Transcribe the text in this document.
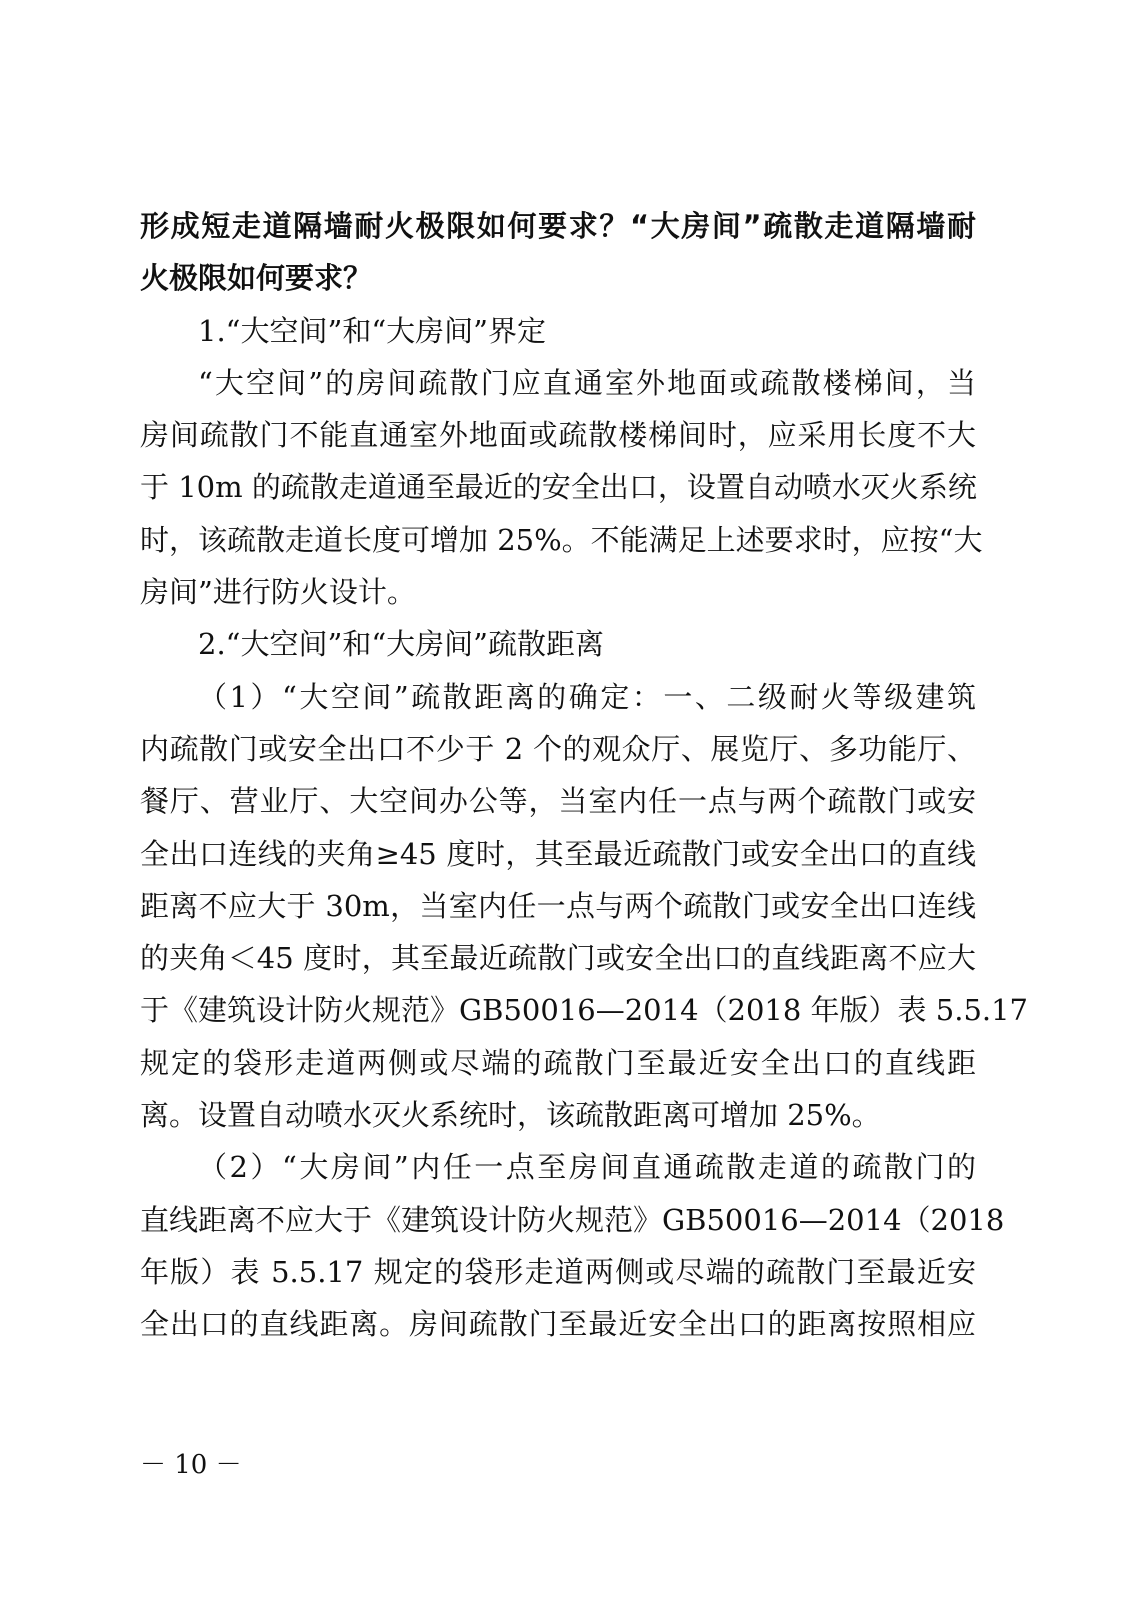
形成短走道隔墙耐火极限如何要求？“大房间”疏散走道隔墙耐
火极限如何要求？
1.“大空间”和“大房间”界定
“大空间”的房间疏散门应直通室外地面或疏散楼梯间，当
房间疏散门不能直通室外地面或疏散楼梯间时，应采用长度不大
于 10m 的疏散走道通至最近的安全出口，设置自动喷水灭火系统
时，该疏散走道长度可增加 25%。不能满足上述要求时，应按“大
房间”进行防火设计。
2.“大空间”和“大房间”疏散距离
（1）“大空间”疏散距离的确定：一、二级耐火等级建筑
内疏散门或安全出口不少于 2 个的观众厅、展览厅、多功能厅、
餐厅、营业厅、大空间办公等，当室内任一点与两个疏散门或安
全出口连线的夹角≥45 度时，其至最近疏散门或安全出口的直线
距离不应大于 30m，当室内任一点与两个疏散门或安全出口连线
的夹角＜45 度时，其至最近疏散门或安全出口的直线距离不应大
于《建筑设计防火规范》GB50016—2014（2018 年版）表 5.5.17
规定的袋形走道两侧或尽端的疏散门至最近安全出口的直线距
离。设置自动喷水灭火系统时，该疏散距离可增加 25%。
（2）“大房间”内任一点至房间直通疏散走道的疏散门的
直线距离不应大于《建筑设计防火规范》GB50016—2014（2018
年版）表 5.5.17 规定的袋形走道两侧或尽端的疏散门至最近安
全出口的直线距离。房间疏散门至最近安全出口的距离按照相应
－ 10 －
